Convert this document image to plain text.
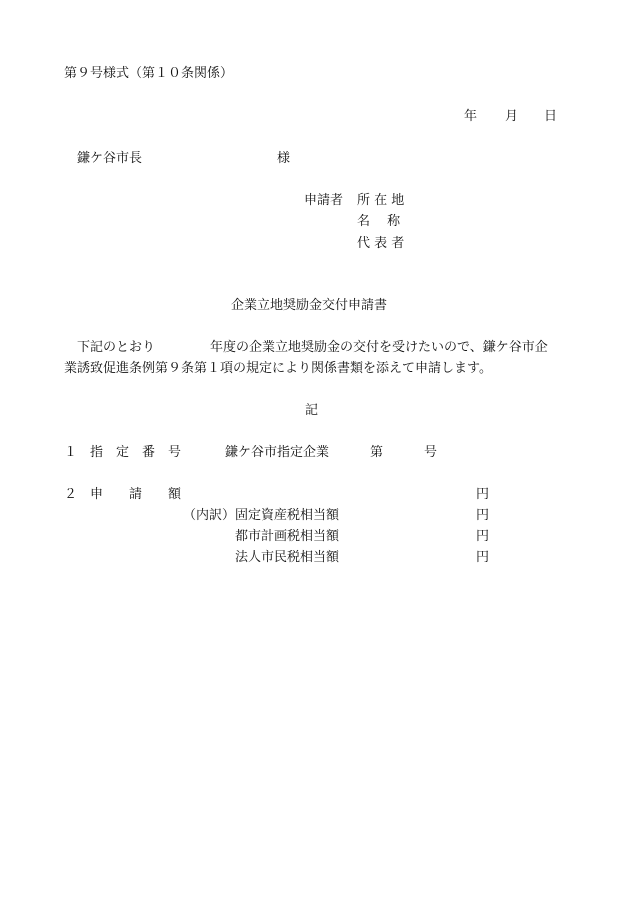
第９号様式（第１０条関係）

年 月 日

鎌ケ谷市長	様

申請者 所 在 地

名 　称

代 表 者

企業立地奨励金交付申請書

下記のとおり	年度の企業立地奨励金の交付を受けたいので、鎌ケ谷市企

業誘致促進条例第９条第１項の規定により関係書類を添えて申請します。

記

１ 指　定　番　号	鎌ケ谷市指定企業	第	号

２ 申　　請　　額	円

（内訳） 固定資産税相当額	円

都市計画税相当額	円

法人市民税相当額	円
